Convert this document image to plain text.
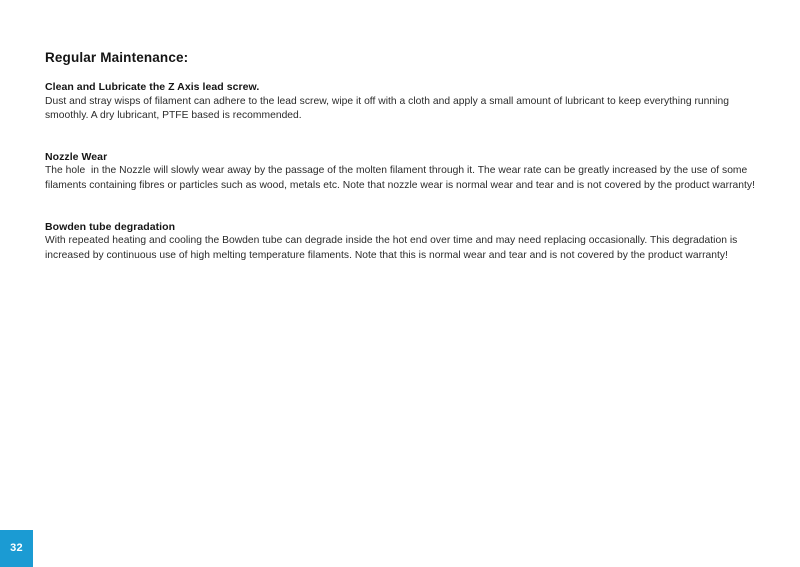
Regular Maintenance:
Clean and Lubricate the Z Axis lead screw.

Dust and stray wisps of filament can adhere to the lead screw, wipe it off with a cloth and apply a small amount of lubricant to keep everything running smoothly. A dry lubricant, PTFE based is recommended.

Nozzle Wear

The hole  in the Nozzle will slowly wear away by the passage of the molten filament through it. The wear rate can be greatly increased by the use of some filaments containing fibres or particles such as wood, metals etc. Note that nozzle wear is normal wear and tear and is not covered by the product warranty!

Bowden tube degradation

With repeated heating and cooling the Bowden tube can degrade inside the hot end over time and may need replacing occasionally. This degradation is increased by continuous use of high melting temperature filaments. Note that this is normal wear and tear and is not covered by the product warranty!

32
